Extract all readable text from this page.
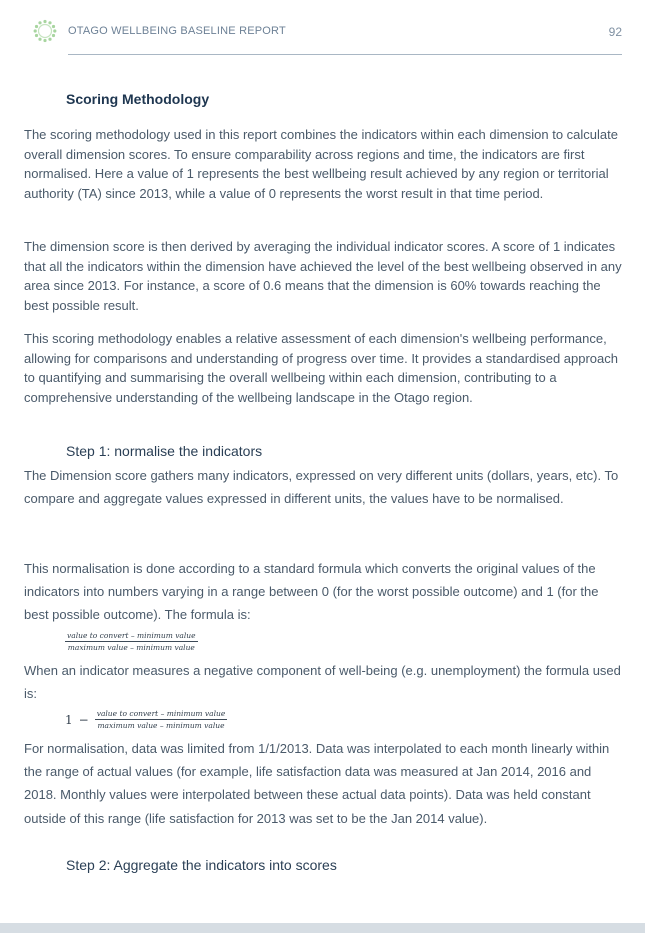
OTAGO WELLBEING BASELINE REPORT	92
Scoring Methodology

The scoring methodology used in this report combines the indicators within each dimension to calculate overall dimension scores. To ensure comparability across regions and time, the indicators are first normalised. Here a value of 1 represents the best wellbeing result achieved by any region or territorial authority (TA) since 2013, while a value of 0 represents the worst result in that time period.

The dimension score is then derived by averaging the individual indicator scores. A score of 1 indicates that all the indicators within the dimension have achieved the level of the best wellbeing observed in any area since 2013. For instance, a score of 0.6 means that the dimension is 60% towards reaching the best possible result.

This scoring methodology enables a relative assessment of each dimension's wellbeing performance, allowing for comparisons and understanding of progress over time. It provides a standardised approach to quantifying and summarising the overall wellbeing within each dimension, contributing to a comprehensive understanding of the wellbeing landscape in the Otago region.

Step 1: normalise the indicators

The Dimension score gathers many indicators, expressed on very different units (dollars, years, etc). To compare and aggregate values expressed in different units, the values have to be normalised.

This normalisation is done according to a standard formula which converts the original values of the indicators into numbers varying in a range between 0 (for the worst possible outcome) and 1 (for the best possible outcome). The formula is:

$\frac{\text{value to convert – minimum value}}{\text{maximum value – minimum value}}$

When an indicator measures a negative component of well-being (e.g. unemployment) the formula used is:

$1 - \frac{\text{value to convert – minimum value}}{\text{maximum value – minimum value}}$

For normalisation, data was limited from 1/1/2013. Data was interpolated to each month linearly within the range of actual values (for example, life satisfaction data was measured at Jan 2014, 2016 and 2018. Monthly values were interpolated between these actual data points). Data was held constant outside of this range (life satisfaction for 2013 was set to be the Jan 2014 value).

Step 2: Aggregate the indicators into scores
